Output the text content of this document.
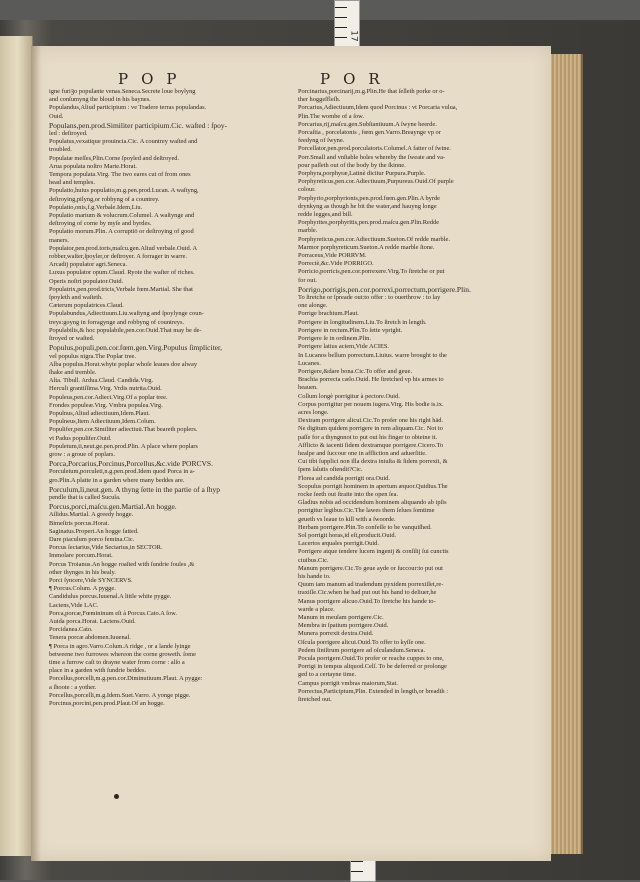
17
POP	POR
igne furiꝫo populante venas.Seneca.Secrete loue boylyng
and conſumyng the bloud in his baynes.
Populandus,Aliud participium : ve Tradere terras populandas.
Ouid.
Populans,pen.prod.Similiter participium.Cic. waſted : ſpoy-
led : deſtroyed.
Populatus,vexatique prouincia.Cic. A countrey waſted and
troubled.
Populatæ meſſes,Plin.Corne ſpoyled and deſtroyed.
Arua populata noſtro Marte.Horat.
Tempora populata.Virg. The two eares cut of from ones
head and temples.
Populatio,huius populatio,m.g.pen.prod.Lucan. A waſtyng,
deſtroying,pilyng,or robbyng of a countrey.
Populatio,onis,f.g.Verbale.Idem,Liu.
Populatio marium & volucrum.Columel. A waſtynge and
deſtroying of corne by myſe and byrdes.
Populatio morum.Plin. A corruptiō or deſtroying of good
maners.
Populator,pen.prod.toris,maſcu.gen.Aliud verbale.Ouid. A
robber,waſter,ſpoyler,or deſtroyer. A forrager in warre.
Arcadij populator agri.Seneca.
Luxus populator opum.Claud. Ryote the waſter of riches.
Operis noſtri populator.Ouid.
Populatrix,pen.prod.tricis,Verbale fœm.Martial. She that
ſpoyleth and waſteth.
Cæterum populatrices.Claud.
Populabundus,Adiectiuum.Liu.waſtyng and ſpoylynge coun-
treys:goyng in forragynge and robbyng of countreys.
Populabilis,& hoc populabile,pen.cor.Ouid.That may be de-
ſtroyed or waſted.
Populus,populi,pen.cor.fœm.gen.Virg.Populus ſimpliciter,
vel populus nigra.The Poplar tree.
Alba populus.Horat.whyte poplar whoſe leaues doe alway
ſhake and tremble.
Alta. Tibull. Ardua.Claud. Candida.Virg.
Herculi grantiſſima.Virg. Vrdis nutrita.Ouid.
Populeus,pen.cor.Adiect.Virg.Of a poplar tree.
Frondes populeæ.Virg. Vmbra populea.Virg.
Populnus,Aliud adiectiuum,Idem.Plaut.
Populneus,Item Adiectiuum,Idem.Colum.
Populifer,pen.cor.Similiter adiectiuū.That beareth poplers.
vt Padus populifer.Ouid.
Populetum,ti,neut.ge.pen.prod.Plin. A place where poplars
grow : a groue of poplars.
Porca,Porcarius,Porcinus,Porcellus,&c.vide PORCVS.
Porculetum,porculeti,n.g.pen.prod.Idem quod Porca in a-
gro.Plin.A platte in a garden where many beddes are.
Porculum,li,neut.gen. A thyng ſette in the partie of a ſhyp
pendle that is called Sucula.
Porcus,porci,maſcu.gen.Martial.An hogge.
Aſſidus.Martial. A greedy hogge.
Bimeſtris porcus.Horat.
Saginatus.Propert.An hogge fatted.
Dare piaculum porco femina.Cic.
Porcus ſectarius,Vide Sectarius,in SECTOR.
Immolare porcum.Horat.
Porcus Troianus.An hogge roaſted with ſundrie foules ,&
other thynges in his bealy.
Porci ſyncere,Vide SYNCERVS.
¶ Porcus.Colum. A pygge.
Candidulus porcus.Iuuenal.A little white pygge.
Lactens,Vide LAC.
Porca,porcæ,Fœmininum eſt à Porcus.Cato.A ſow.
Auida porca.Horat. Lactens.Ouid.
Porcidanea.Cato.
Tenera porcæ abdomen.Iuuenal.
¶ Porca in agro.Varro.Colum.A ridge , or a lande lyinge
betweene two furrowes whereon the corne groweth. ſome
time a furrow caſt to drayne water from corne : alſo a
place in a garden with ſundrie beddes.
Porcellus,porcelli,m.g.pen.cor.Diminutiuum.Plaut. A pygge:
a ſhoote : a yother.
Porcellus,porcelli,m.g.Idem.Suet.Varro. A yonge pigge.
Porcinus,porcini,pen.prod.Plaut.Of an hogge.
Porcinarius,porcinarij,m.g.Plin.He that ſelleth porke or o-
ther hoggeſfleſh.
Porcarius,Adiectiuum,Idem quod Porcinus : vt Porcaria vulua,
Plin.The wombe of a ſow.
Porcarius,rij,maſcu.gen.Subſtantiuum.A ſwyne heerde.
Porcaſtia , porcelatonis , fœm gen.Varro.Breaynge vp or
feedyng of ſwyne.
Porcellator,pen.prod.porculatoris.Columel.A fatter of ſwine.
Porr.Small and vnſtable holes whereby the ſweate and va-
pour paſſeth out of the body by the ſkinne.
Porphyra,porphyræ,Latinè dicitur Purpura.Purple.
Porphyreticus,pen.cor.Adiectiuum,Purpureus.Ouid.Of purple
colour.
Porphyrio,porphyrionis,pen.prod.fœm.gen.Plin.A byrde
drynkyng as though he bit the water,and hauyng longe
redde legges,and bill.
Porphyrites,porphyritis,pen.prod.maſcu.gen.Plin.Redde
marble.
Porphyreticus,pen.cor.Adiectiuum.Sueton.Of redde marble.
Marmor porphyreticum.Sueton.A redde marble ſtone.
Porraceus,Vide PORRVM.
Porrectè,&c.Vide PORRIGO.
Porricio,porricis,pen.cor.porrexere.Virg.To ſtretche or put
for out.
Porrigo,porrigis,pen.cor.porrexi,porrectum,porrigere.Plin.
To ſtretche or ſpreade out:to offer : to ouerthrow : to lay
one alonge.
Porrige brachium.Plaut.
Porrigere in longitudinem.Liu.To ſtretch in length.
Porrigere in rectum.Plin.To ſette vpright.
Porrigere ſe in ordinem.Plin.
Porrigere latius aciem,Vide ACIES.
In Lucanos bellum porrectum.Liuius. warre brought to the
Lucanes.
Porrigere,&dare bona.Cic.To offer and geue.
Brachia porrecta cælo.Ouid. He ſtretched vp his armes to
heauen.
Collum longè porrigitur à pectore.Ouid.
Corpus porrigitur per nouem iugera.Virg. His bodie is.ix.
acres longe.
Dextram porrigere alicui.Cic.To profer one his right hād.
Ne digitum quidem porrigere in rem aliquam.Cic. Not to
paſſe for a thyngnnot to put out his finger to obteine it.
Afflicto & iacenti ſidem dextramque porrigere.Cicero.To
healpe and ſuccour one in affliction and aduerſitie.
Cui tibi ſupplici non illa dextra iniuſta & ſidem porrexit, &
ſpem ſalutis oſtendit?Cic.
Florea ad candida porrigit ora.Ouid.
Scopulus porrigit hominem in apertum æquor.Quidius.The
rocke ſeeth out ſtraite into the open ſea.
Gladius nobis ad occidendum hominem aliquando ab ipſis
porrigitur legibus.Cic.The lawes them ſelues ſomtime
geueth vs leaue to kill with a ſwoorde.
Herbam porrigere.Plin.To confeſſe to be vanquiſhed.
Sol porrigit horas,id eſt,producit.Ouid.
Lacertos æquales porrigit.Ouid.
Porrigere atque tendere lucem ingenij & conſilij ſui cunctis
ciuibus.Cic.
Manum porrigere.Cic.To geue ayde or ſuccour:to put out
his hande to.
Quum iam manum ad tradendum pyxidem porrexiſſet,re-
traxiſſe.Cic.when he had put out his hand to deliuer,he
Manus porrigere alicuo.Ouid.To ſtretche his hande to-
warde a place.
Manum in meuſam porrigere.Cic.
Membra in ſpatium porrigere.Ouid.
Munera porrexit dextra.Ouid.
Oſcula porrigere alicui.Ouid.To offer to kyſſe one.
Pedem ſiniſtrum porrigere ad oſculandum.Seneca.
Pocula porrigere.Ouid.To profer or reache cuppes to one,
Porrigi in tempus aliquod.Celſ. To be deferred or prolonge
ged to a certayne time.
Campus porrigit vmbras maiorum,Stat.
Porrectus,Participium,Plin. Extended in length,or breadth :
ſtretched out.
